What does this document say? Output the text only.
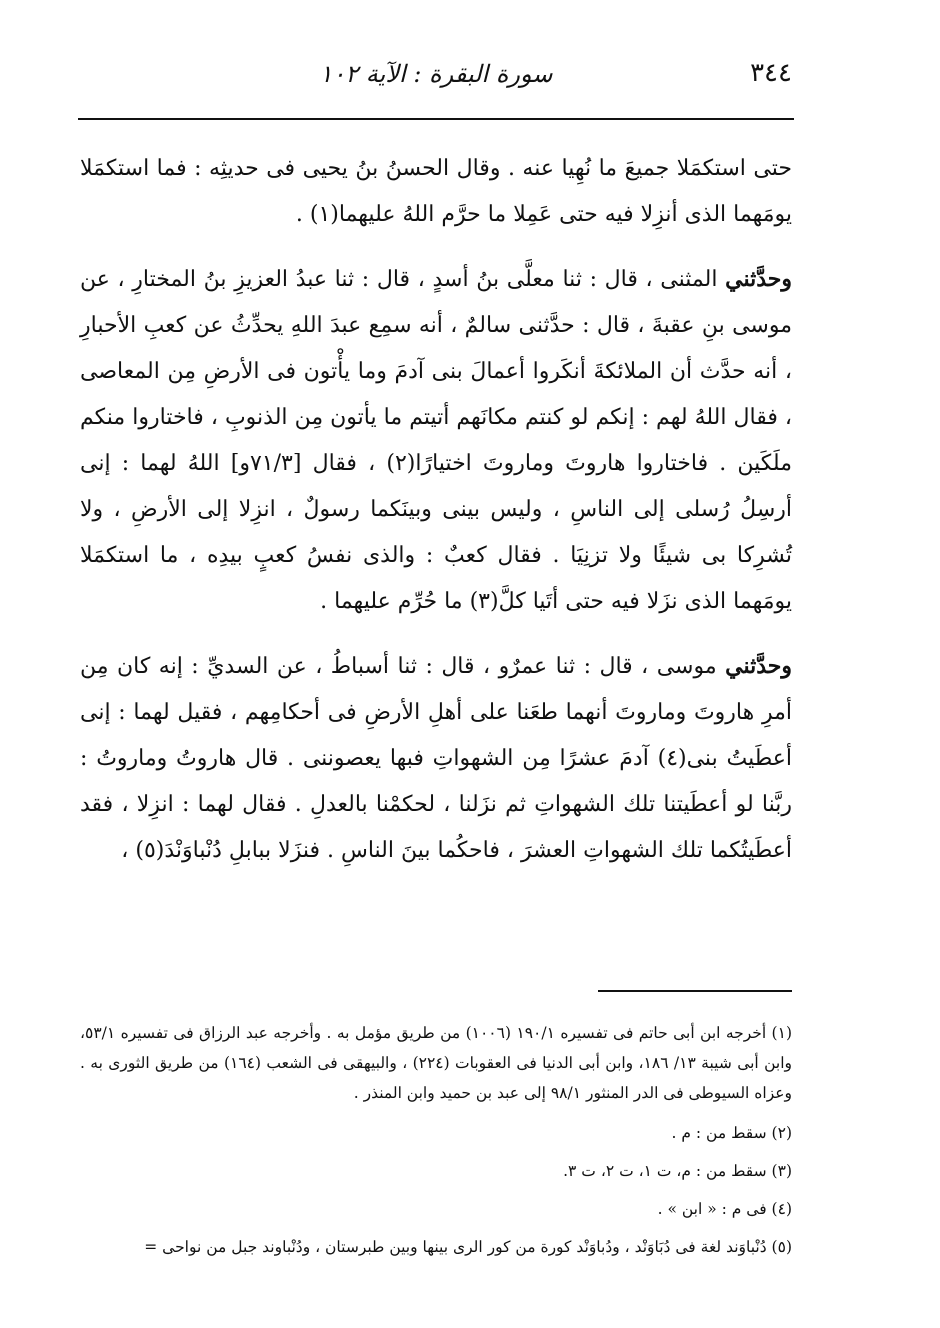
٣٤٤
سورة البقرة : الآية ١٠٢

حتى استكمَلا جميعَ ما نُهِيا عنه . وقال الحسنُ بنُ يحيى فى حديثِه : فما استكمَلا يومَهما الذى أنزِلا فيه حتى عَمِلا ما حرَّم اللهُ عليهما(١) .

وحدَّثني المثنى ، قال : ثنا معلَّى بنُ أسدٍ ، قال : ثنا عبدُ العزيزِ بنُ المختارِ ، عن موسى بنِ عقبةَ ، قال : حدَّثنى سالمٌ ، أنه سمِع عبدَ اللهِ يحدِّثُ عن كعبِ الأحبارِ ، أنه حدَّث أن الملائكةَ أنكَروا أعمالَ بنى آدمَ وما يأْتون فى الأرضِ مِن المعاصى ، فقال اللهُ لهم : إنكم لو كنتم مكانَهم أتيتم ما يأتون مِن الذنوبِ ، فاختاروا منكم ملَكَين . فاختاروا هاروتَ وماروتَ اختيارًا(٢) ، فقال [٧١/٣و] اللهُ لهما : إنى أرسِلُ رُسلى إلى الناسِ ، وليس بينى وبينَكما رسولٌ ، انزِلا إلى الأرضِ ، ولا تُشرِكا بى شيئًا ولا تزنِيَا . فقال كعبٌ : والذى نفسُ كعبٍ بيدِه ، ما استكمَلا يومَهما الذى نزَلا فيه حتى أتَيا كلَّ(٣) ما حُرِّم عليهما .

وحدَّثني موسى ، قال : ثنا عمرٌو ، قال : ثنا أسباطُ ، عن السديِّ : إنه كان مِن أمرِ هاروتَ وماروتَ أنهما طعَنا على أهلِ الأرضِ فى أحكامِهم ، فقيل لهما : إنى أعطَيتُ بنى(٤) آدمَ عشرًا مِن الشهواتِ فبها يعصوننى . قال هاروتُ وماروتُ : ربَّنا لو أعطَيتنا تلك الشهواتِ ثم نزَلنا ، لحكمْنا بالعدلِ . فقال لهما : انزِلا ، فقد أعطَيتُكما تلك الشهواتِ العشرَ ، فاحكُما بينَ الناسِ . فنزَلا ببابلِ دُنْباوَنْدَ(٥) ،

(١) أخرجه ابن أبى حاتم فى تفسيره ١٩٠/١ (١٠٠٦) من طريق مؤمل به . وأخرجه عبد الرزاق فى تفسيره ٥٣/١، وابن أبى شيبة ١٣/ ١٨٦، وابن أبى الدنيا فى العقوبات (٢٢٤) ، والبيهقى فى الشعب (١٦٤) من طريق الثورى به . وعزاه السيوطى فى الدر المنثور ٩٨/١ إلى عبد بن حميد وابن المنذر .

(٢) سقط من : م .

(٣) سقط من : م، ت ١، ت ٢، ت ٣.

(٤) فى م : « ابن » .

(٥) دُنْباوَند لغة فى دُبَاوَنْد ، ودُباوَنْد كورة من كور الرى بينها وبين طبرستان ، ودُنْباوند جبل من نواحى =
